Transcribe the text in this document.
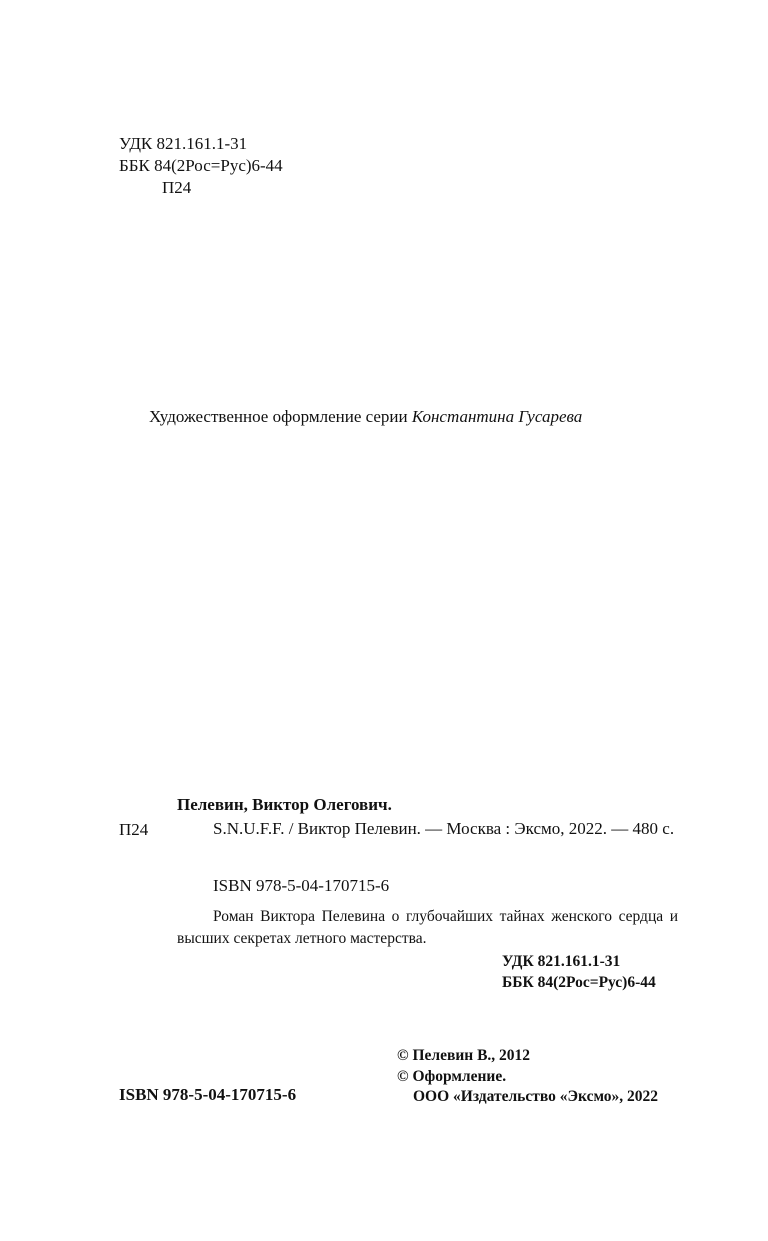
УДК 821.161.1-31
ББК 84(2Рос=Рус)6-44
П24
Художественное оформление серии Константина Гусарева
Пелевин, Виктор Олегович.
П24	S.N.U.F.F. / Виктор Пелевин. — Москва : Эксмо, 2022. — 480 с.
ISBN 978-5-04-170715-6
Роман Виктора Пелевина о глубочайших тайнах женского сердца и высших секретах летного мастерства.
УДК 821.161.1-31
ББК 84(2Рос=Рус)6-44
ISBN 978-5-04-170715-6
© Пелевин В., 2012
© Оформление.
ООО «Издательство «Эксмо», 2022
